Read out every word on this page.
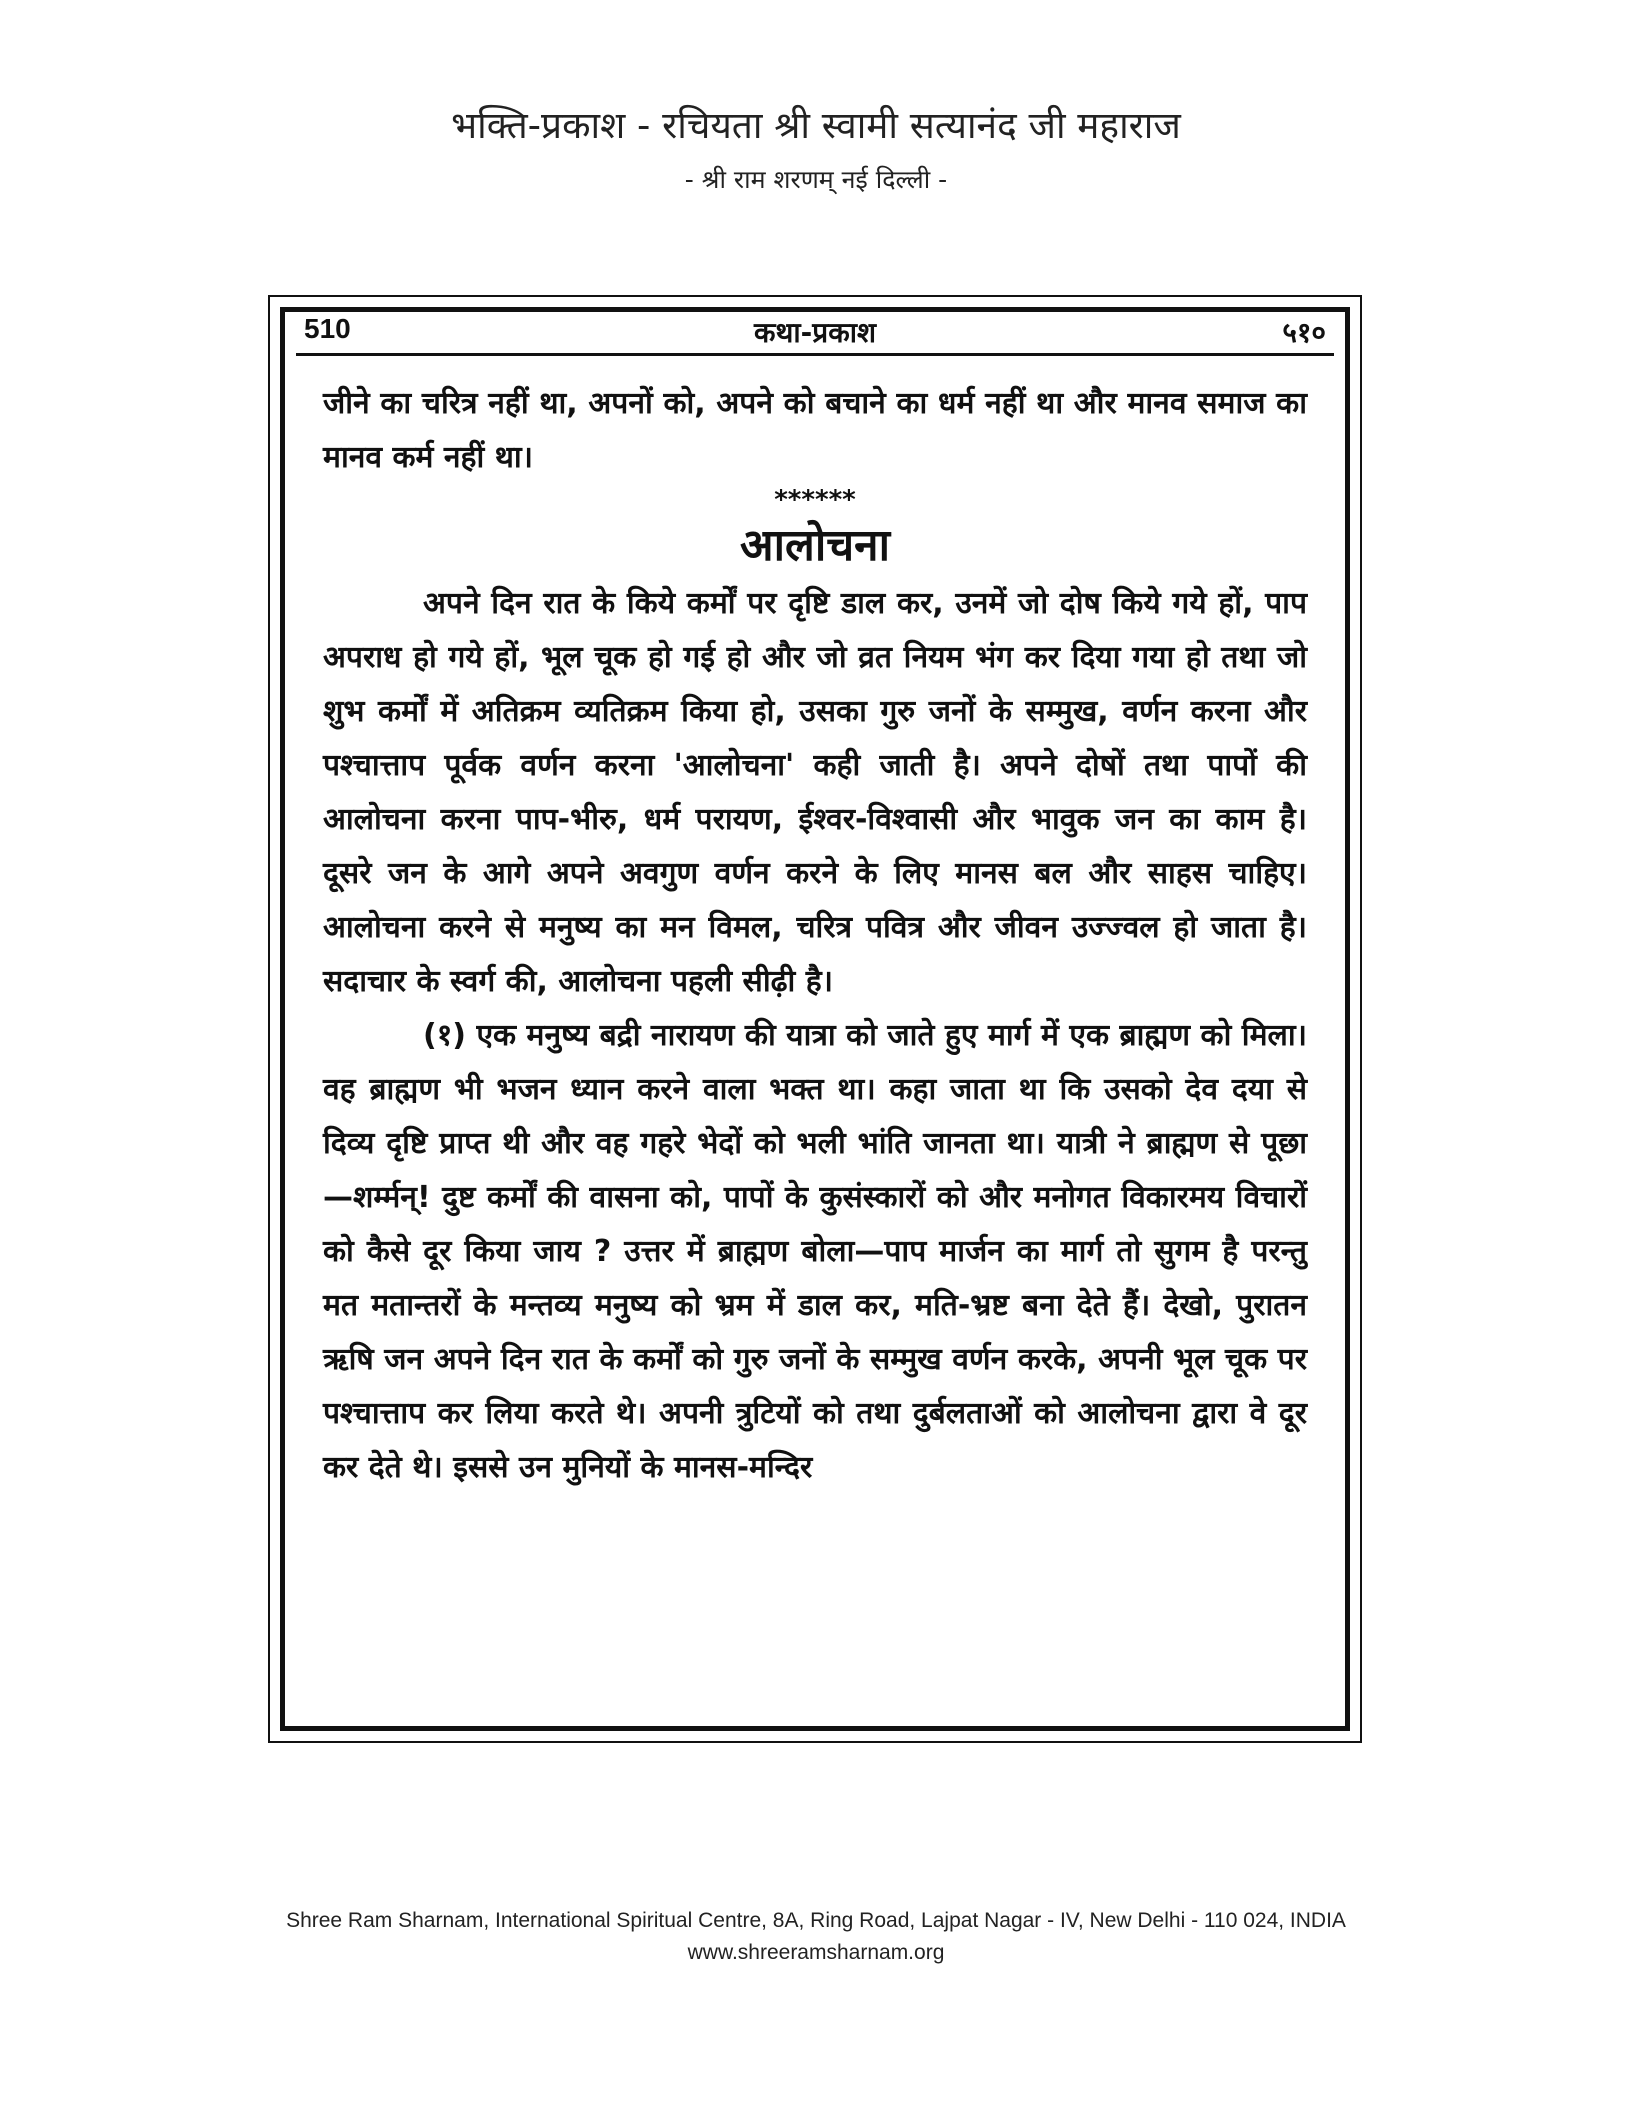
भक्ति-प्रकाश - रचियता श्री स्वामी सत्यानंद जी महाराज
- श्री राम शरणम् नई दिल्ली -
510	कथा-प्रकाश	५१०

जीने का चरित्र नहीं था, अपनों को, अपने को बचाने का धर्म नहीं था और मानव समाज का मानव कर्म नहीं था।

******

आलोचना

अपने दिन रात के किये कर्मों पर दृष्टि डाल कर, उनमें जो दोष किये गये हों, पाप अपराध हो गये हों, भूल चूक हो गई हो और जो व्रत नियम भंग कर दिया गया हो तथा जो शुभ कर्मों में अतिक्रम व्यतिक्रम किया हो, उसका गुरु जनों के सम्मुख, वर्णन करना और पश्चात्ताप पूर्वक वर्णन करना 'आलोचना' कही जाती है। अपने दोषों तथा पापों की आलोचना करना पाप-भीरु, धर्म परायण, ईश्वर-विश्वासी और भावुक जन का काम है। दूसरे जन के आगे अपने अवगुण वर्णन करने के लिए मानस बल और साहस चाहिए। आलोचना करने से मनुष्य का मन विमल, चरित्र पवित्र और जीवन उज्ज्वल हो जाता है। सदाचार के स्वर्ग की, आलोचना पहली सीढ़ी है।

(१) एक मनुष्य बद्री नारायण की यात्रा को जाते हुए मार्ग में एक ब्राह्मण को मिला। वह ब्राह्मण भी भजन ध्यान करने वाला भक्त था। कहा जाता था कि उसको देव दया से दिव्य दृष्टि प्राप्त थी और वह गहरे भेदों को भली भांति जानता था। यात्री ने ब्राह्मण से पूछा—शर्म्मन्! दुष्ट कर्मों की वासना को, पापों के कुसंस्कारों को और मनोगत विकारमय विचारों को कैसे दूर किया जाय ? उत्तर में ब्राह्मण बोला—पाप मार्जन का मार्ग तो सुगम है परन्तु मत मतान्तरों के मन्तव्य मनुष्य को भ्रम में डाल कर, मति-भ्रष्ट बना देते हैं। देखो, पुरातन ऋषि जन अपने दिन रात के कर्मों को गुरु जनों के सम्मुख वर्णन करके, अपनी भूल चूक पर पश्चात्ताप कर लिया करते थे। अपनी त्रुटियों को तथा दुर्बलताओं को आलोचना द्वारा वे दूर कर देते थे। इससे उन मुनियों के मानस-मन्दिर

Shree Ram Sharnam, International Spiritual Centre, 8A, Ring Road, Lajpat Nagar - IV, New Delhi - 110 024, INDIA
www.shreeramsharnam.org
